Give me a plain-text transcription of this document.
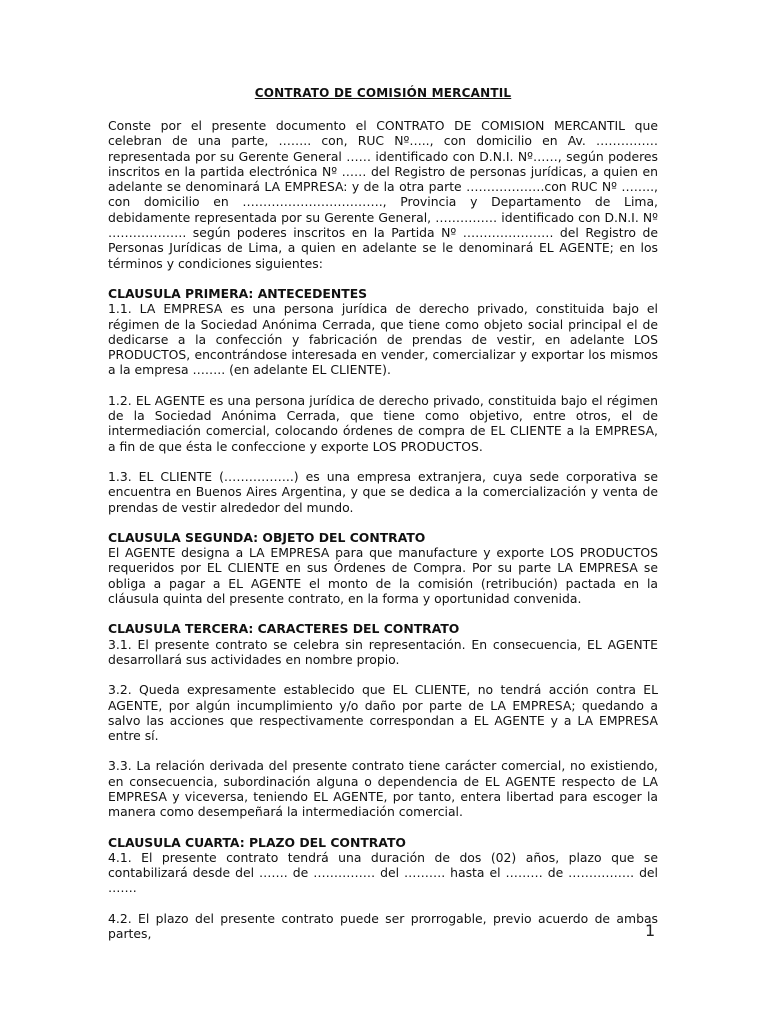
CONTRATO DE COMISIÓN MERCANTIL

Conste por el presente documento el CONTRATO DE COMISION MERCANTIL que celebran de una parte, …….. con, RUC Nº….., con domicilio en Av. ……………representada por su Gerente General …… identificado con D.N.I. Nº……, según poderes inscritos en la partida electrónica Nº …… del Registro de personas jurídicas, a quien en adelante se denominará LA EMPRESA: y de la otra parte ……………….con RUC Nº …….., con domicilio en ……………………………., Provincia y Departamento de Lima, debidamente representada por su Gerente General, …………… identificado con D.N.I. Nº ………………. según poderes inscritos en la Partida Nº …………………. del Registro de Personas Jurídicas de Lima, a quien en adelante se le denominará EL AGENTE; en los términos y condiciones siguientes:

CLAUSULA PRIMERA: ANTECEDENTES

1.1. LA EMPRESA es una persona jurídica de derecho privado, constituida bajo el régimen de la Sociedad Anónima Cerrada, que tiene como objeto social principal el de dedicarse a la confección y fabricación de prendas de vestir, en adelante LOS PRODUCTOS, encontrándose interesada en vender, comercializar y exportar los mismos a la empresa …….. (en adelante EL CLIENTE).

1.2. EL AGENTE es una persona jurídica de derecho privado, constituida bajo el régimen de la Sociedad Anónima Cerrada, que tiene como objetivo, entre otros, el de intermediación comercial, colocando órdenes de compra de EL CLIENTE a la EMPRESA, a fin de que ésta le confeccione y exporte LOS PRODUCTOS.

1.3. EL CLIENTE (……………..) es una empresa extranjera, cuya sede corporativa se encuentra en Buenos Aires Argentina, y que se dedica a la comercialización y venta de prendas de vestir alrededor del mundo.

CLAUSULA SEGUNDA: OBJETO DEL CONTRATO

El AGENTE designa a LA EMPRESA para que manufacture y exporte LOS PRODUCTOS requeridos por EL CLIENTE en sus Órdenes de Compra. Por su parte LA EMPRESA se obliga a pagar a EL AGENTE el monto de la comisión (retribución) pactada en la cláusula quinta del presente contrato, en la forma y oportunidad convenida.

CLAUSULA TERCERA: CARACTERES DEL CONTRATO

3.1. El presente contrato se celebra sin representación. En consecuencia, EL AGENTE desarrollará sus actividades en nombre propio.

3.2. Queda expresamente establecido que EL CLIENTE, no tendrá acción contra EL AGENTE, por algún incumplimiento y/o daño por parte de LA EMPRESA; quedando a salvo las acciones que respectivamente correspondan a EL AGENTE y a LA EMPRESA entre sí.

3.3. La relación derivada del presente contrato tiene carácter comercial, no existiendo, en consecuencia, subordinación alguna o dependencia de EL AGENTE respecto de LA EMPRESA y viceversa, teniendo EL AGENTE, por tanto, entera libertad para escoger la manera como desempeñará la intermediación comercial.

CLAUSULA CUARTA: PLAZO DEL CONTRATO

4.1. El presente contrato tendrá una duración de dos (02) años, plazo que se contabilizará desde del ……. de …………… del ………. hasta el ……… de ……………. del …….

4.2. El plazo del presente contrato puede ser prorrogable, previo acuerdo de ambas partes,	1
